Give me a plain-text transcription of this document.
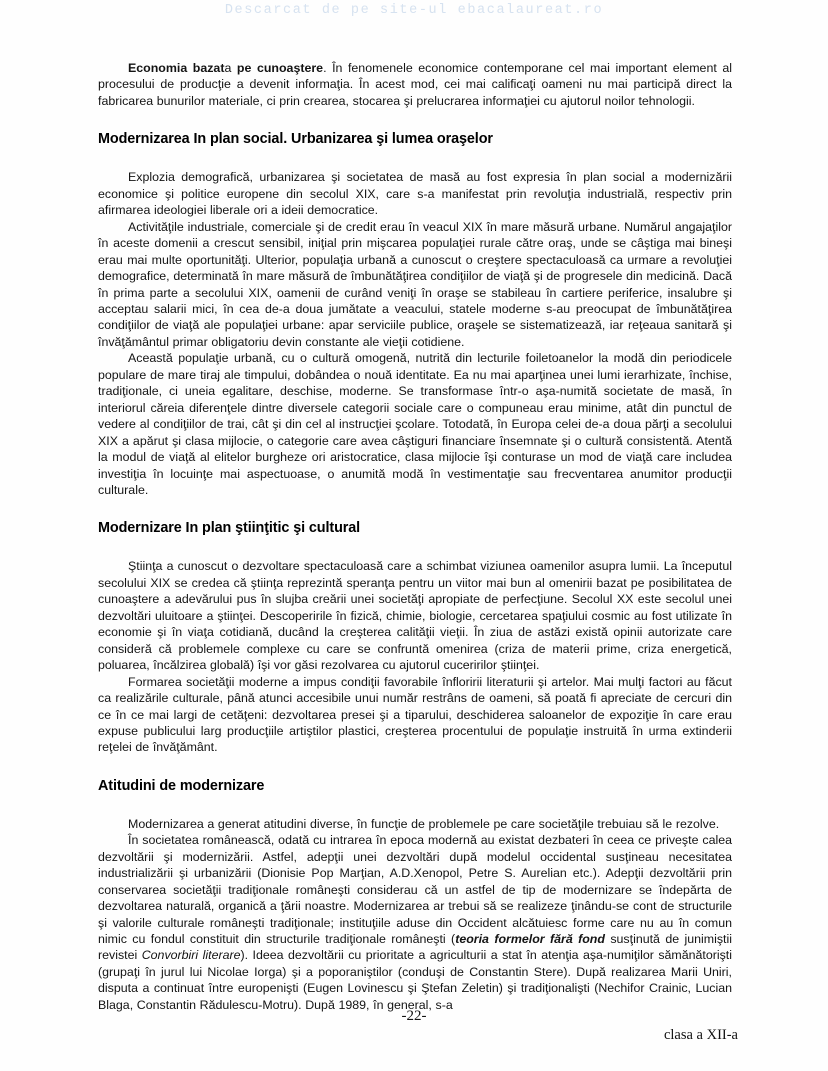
Descarcat de pe site-ul ebacalaureat.ro

Economia bazata pe cunoaştere. În fenomenele economice contemporane cel mai important element al procesului de producţie a devenit informaţia. În acest mod, cei mai calificaţi oameni nu mai participă direct la fabricarea bunurilor materiale, ci prin crearea, stocarea şi prelucrarea informaţiei cu ajutorul noilor tehnologii.

Modernizarea In plan social. Urbanizarea şi lumea oraşelor

Explozia demografică, urbanizarea şi societatea de masă au fost expresia în plan social a modernizării economice şi politice europene din secolul XIX, care s-a manifestat prin revoluţia industrială, respectiv prin afirmarea ideologiei liberale ori a ideii democratice.

Activităţile industriale, comerciale şi de credit erau în veacul XIX în mare măsură urbane. Numărul angajaţilor în aceste domenii a crescut sensibil, iniţial prin mişcarea populaţiei rurale către oraş, unde se câştiga mai bineşi erau mai multe oportunităţi. Ulterior, populaţia urbană a cunoscut o creştere spectaculoasă ca urmare a revoluţiei demografice, determinată în mare măsură de îmbunătăţirea condiţiilor de viaţă şi de progresele din medicină. Dacă în prima parte a secolului XIX, oamenii de curând veniţi în oraşe se stabileau în cartiere periferice, insalubre şi acceptau salarii mici, în cea de-a doua jumătate a veacului, statele moderne s-au preocupat de îmbunătăţirea condiţiilor de viaţă ale populaţiei urbane: apar serviciile publice, oraşele se sistematizează, iar reţeaua sanitară şi învăţământul primar obligatoriu devin constante ale vieţii cotidiene.

Această populaţie urbană, cu o cultură omogenă, nutrită din lecturile foiletoanelor la modă din periodicele populare de mare tiraj ale timpului, dobândea o nouă identitate. Ea nu mai aparţinea unei lumi ierarhizate, închise, tradiţionale, ci uneia egalitare, deschise, moderne. Se transformase într-o aşa-numită societate de masă, în interiorul căreia diferenţele dintre diversele categorii sociale care o compuneau erau minime, atât din punctul de vedere al condiţiilor de trai, cât şi din cel al instrucţiei şcolare. Totodată, în Europa celei de-a doua părţi a secolului XIX a apărut şi clasa mijlocie, o categorie care avea câştiguri financiare însemnate şi o cultură consistentă. Atentă la modul de viaţă al elitelor burgheze ori aristocratice, clasa mijlocie îşi conturase un mod de viaţă care includea investiţia în locuinţe mai aspectuoase, o anumită modă în vestimentaţie sau frecventarea anumitor producţii culturale.

Modernizare In plan ştiinţitic şi cultural

Ştiinţa a cunoscut o dezvoltare spectaculoasă care a schimbat viziunea oamenilor asupra lumii. La începutul secolului XIX se credea că ştiinţa reprezintă speranţa pentru un viitor mai bun al omenirii bazat pe posibilitatea de cunoaştere a adevărului pus în slujba creării unei societăţi apropiate de perfecţiune. Secolul XX este secolul unei dezvoltări uluitoare a ştiinţei. Descoperirile în fizică, chimie, biologie, cercetarea spaţiului cosmic au fost utilizate în economie şi în viaţa cotidiană, ducând la creşterea calităţii vieţii. În ziua de astăzi există opinii autorizate care consideră că problemele complexe cu care se confruntă omenirea (criza de materii prime, criza energetică, poluarea, încălzirea globală) îşi vor găsi rezolvarea cu ajutorul cuceririlor ştiinţei.

Formarea societăţii moderne a impus condiţii favorabile înfloririi literaturii şi artelor. Mai mulţi factori au făcut ca realizările culturale, până atunci accesibile unui număr restrâns de oameni, să poată fi apreciate de cercuri din ce în ce mai largi de cetăţeni: dezvoltarea presei şi a tiparului, deschiderea saloanelor de expoziţie în care erau expuse publicului larg producţiile artiştilor plastici, creşterea procentului de populaţie instruită în urma extinderii reţelei de învăţământ.

Atitudini de modernizare

Modernizarea a generat atitudini diverse, în funcţie de problemele pe care societăţile trebuiau să le rezolve.

În societatea românească, odată cu intrarea în epoca modernă au existat dezbateri în ceea ce priveşte calea dezvoltării şi modernizării. Astfel, adepţii unei dezvoltări după modelul occidental susţineau necesitatea industrializării şi urbanizării (Dionisie Pop Marţian, A.D.Xenopol, Petre S. Aurelian etc.). Adepţii dezvoltării prin conservarea societăţii tradiţionale româneşti considerau că un astfel de tip de modernizare se îndepărta de dezvoltarea naturală, organică a ţării noastre. Modernizarea ar trebui să se realizeze ţinându-se cont de structurile şi valorile culturale româneşti tradiţionale; instituţiile aduse din Occident alcătuiesc forme care nu au în comun nimic cu fondul constituit din structurile tradiţionale româneşti (teoria formelor fără fond susţinută de junimiştii revistei Convorbiri literare). Ideea dezvoltării cu prioritate a agriculturii a stat în atenţia aşa-numiţilor sămănătorişti (grupaţi în jurul lui Nicolae Iorga) şi a poporaniştilor (conduşi de Constantin Stere). După realizarea Marii Uniri, disputa a continuat între europenişti (Eugen Lovinescu şi Ştefan Zeletin) şi tradiţionalişti (Nechifor Crainic, Lucian Blaga, Constantin Rădulescu-Motru). După 1989, în general, s-a

-22-
clasa a XII-a
